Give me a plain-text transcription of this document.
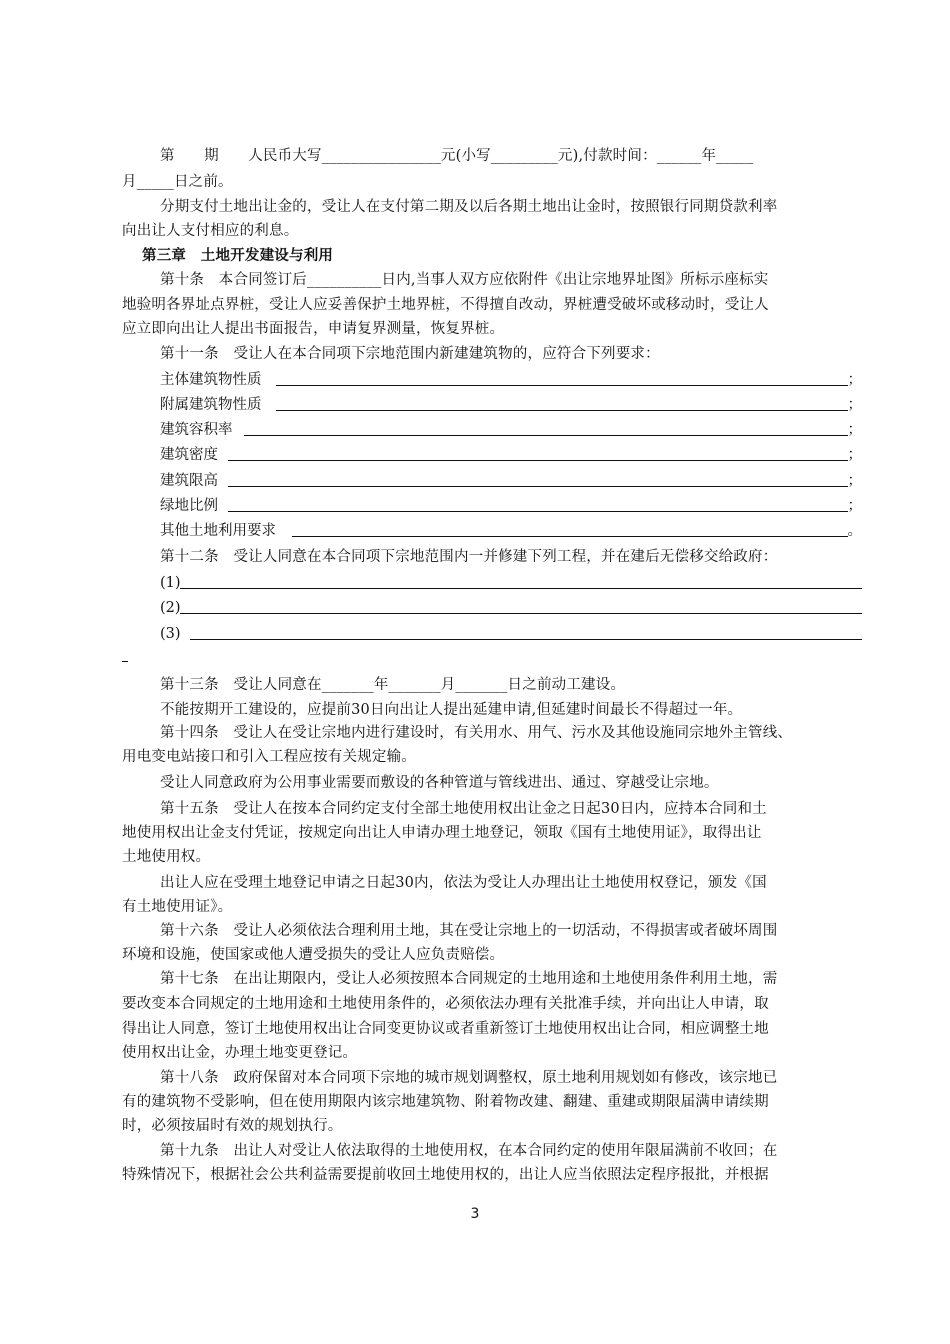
第　　期　　人民币大写________________元(小写_________元),付款时间：______年_____
月_____日之前。
分期支付土地出让金的，受让人在支付第二期及以后各期土地出让金时，按照银行同期贷款利率
向出让人支付相应的利息。
第三章　土地开发建设与利用
第十条　本合同签订后__________日内,当事人双方应依附件《出让宗地界址图》所标示座标实
地验明各界址点界桩，受让人应妥善保护土地界桩，不得擅自改动，界桩遭受破坏或移动时，受让人
应立即向出让人提出书面报告，申请复界测量，恢复界桩。
第十一条　受让人在本合同项下宗地范围内新建建筑物的，应符合下列要求：
主体建筑物性质	；
附属建筑物性质	；
建筑容积率	；
建筑密度	；
建筑限高	；
绿地比例	；
其他土地利用要求	。
第十二条　受让人同意在本合同项下宗地范围内一并修建下列工程，并在建后无偿移交给政府：
(1)
(2)
(3)
第十三条　受让人同意在_______年_______月_______日之前动工建设。
不能按期开工建设的，应提前30日向出让人提出延建申请,但延建时间最长不得超过一年。
第十四条　受让人在受让宗地内进行建设时，有关用水、用气、污水及其他设施同宗地外主管线、
用电变电站接口和引入工程应按有关规定输。
受让人同意政府为公用事业需要而敷设的各种管道与管线进出、通过、穿越受让宗地。
第十五条　受让人在按本合同约定支付全部土地使用权出让金之日起30日内，应持本合同和土
地使用权出让金支付凭证，按规定向出让人申请办理土地登记，领取《国有土地使用证》，取得出让
土地使用权。
出让人应在受理土地登记申请之日起30内，依法为受让人办理出让土地使用权登记，颁发《国
有土地使用证》。
第十六条　受让人必须依法合理利用土地，其在受让宗地上的一切活动，不得损害或者破坏周围
环境和设施，使国家或他人遭受损失的受让人应负责赔偿。
第十七条　在出让期限内，受让人必须按照本合同规定的土地用途和土地使用条件利用土地，需
要改变本合同规定的土地用途和土地使用条件的，必须依法办理有关批准手续，并向出让人申请，取
得出让人同意，签订土地使用权出让合同变更协议或者重新签订土地使用权出让合同，相应调整土地
使用权出让金，办理土地变更登记。
第十八条　政府保留对本合同项下宗地的城市规划调整权，原土地利用规划如有修改，该宗地已
有的建筑物不受影响，但在使用期限内该宗地建筑物、附着物改建、翻建、重建或期限届满申请续期
时，必须按届时有效的规划执行。
第十九条　出让人对受让人依法取得的土地使用权，在本合同约定的使用年限届满前不收回；在
特殊情况下，根据社会公共利益需要提前收回土地使用权的，出让人应当依照法定程序报批，并根据
3
